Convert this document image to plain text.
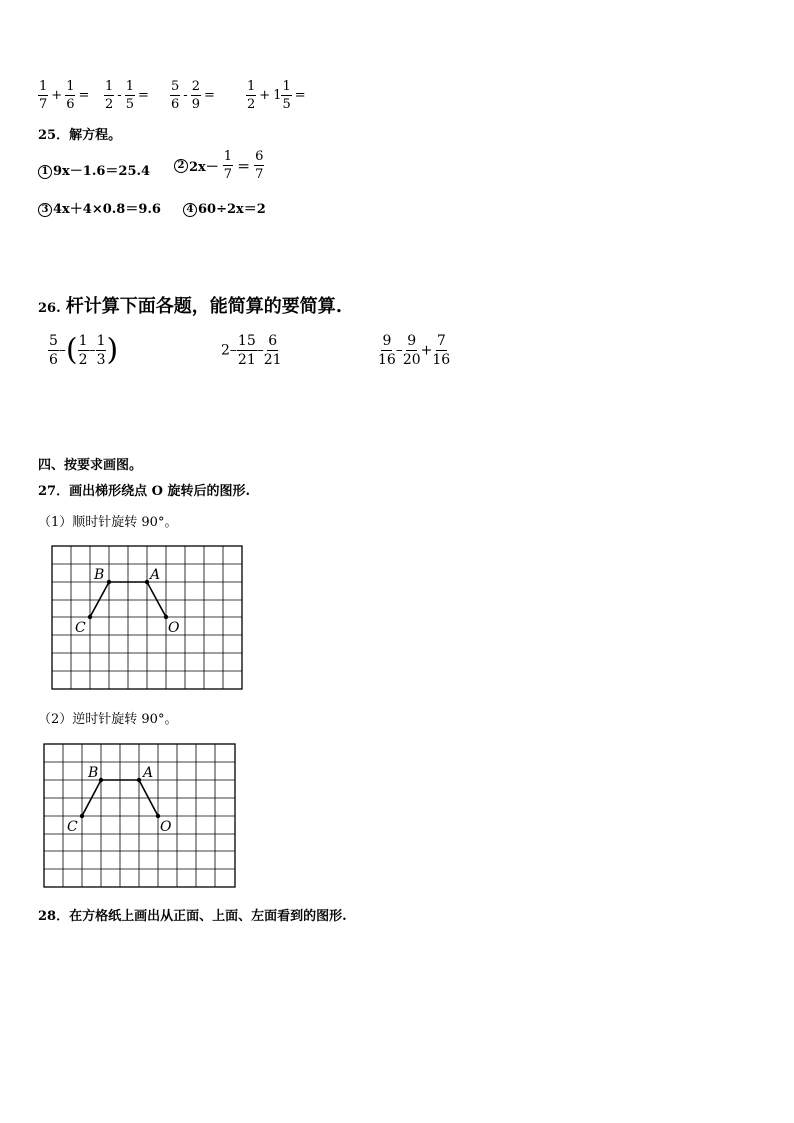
$\frac{1}{7} + \frac{1}{6} = \frac{1}{2} - \frac{1}{5} = \frac{5}{6} - \frac{2}{9} = \frac{1}{2} + 1 \frac{1}{5}$ =
25．解方程。
1 9x－1.6＝25.4	2 $2x- \frac{1}{7} = \frac{6}{7}$
3 4x＋4×0.8＝9.6	4 60÷2x＝2
26. 杆计算下面各题，能简算的要简算.
$\frac{5}{6}$ –( $\frac{1}{2} - \frac{1}{3}$ )	$2- \frac{15}{21} - \frac{6}{21}$	$\frac{9}{16} - \frac{9}{20} + \frac{7}{16}$
四、按要求画图。
27．画出梯形绕点 O 旋转后的图形.
（1）顺时针旋转 90°。
B	A
C	O
（2）逆时针旋转 90°。
B	A
C	O
28．在方格纸上画出从正面、上面、左面看到的图形.
